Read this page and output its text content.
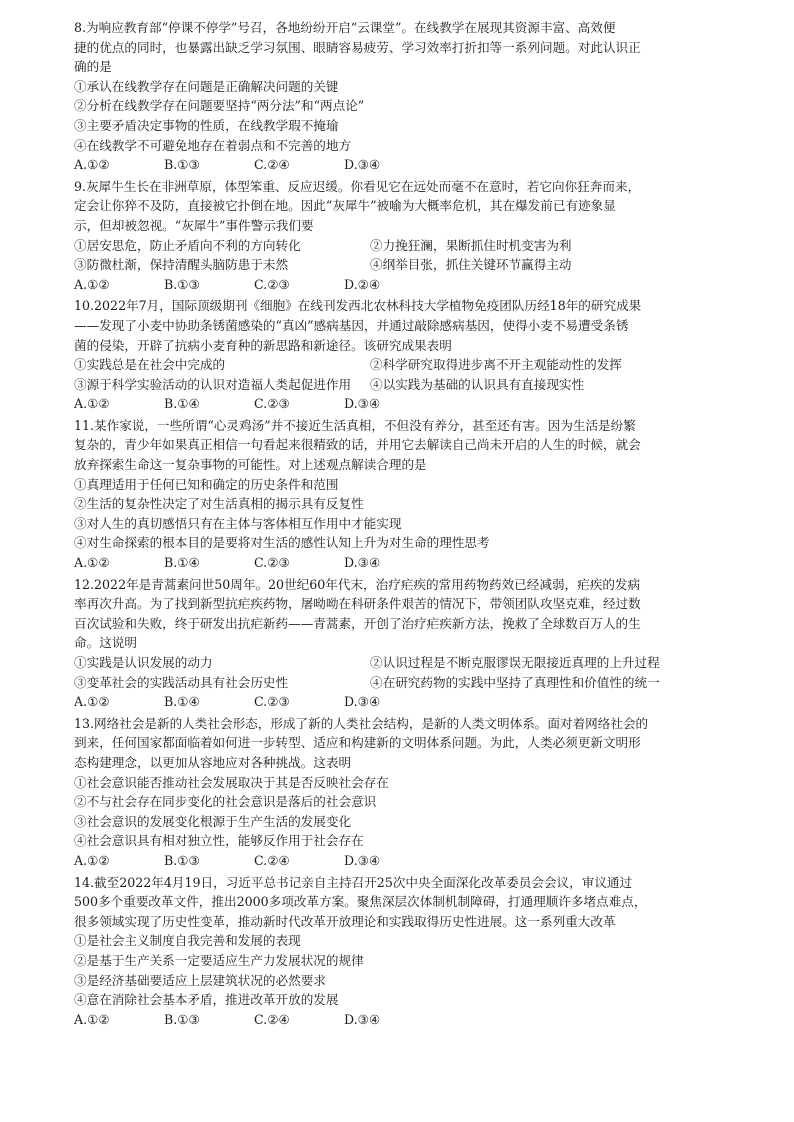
8.为响应教育部“停课不停学”号召，各地纷纷开启“云课堂”。在线教学在展现其资源丰富、高效便
捷的优点的同时，也暴露出缺乏学习氛围、眼睛容易疲劳、学习效率打折扣等一系列问题。对此认识正
确的是
①承认在线教学存在问题是正确解决问题的关键
②分析在线教学存在问题要坚持“两分法”和“两点论”
③主要矛盾决定事物的性质，在线教学瑕不掩瑜
④在线教学不可避免地存在着弱点和不完善的地方
A.①②	B.①③	C.②④	D.③④
9.灰犀牛生长在非洲草原，体型笨重、反应迟缓。你看见它在远处而毫不在意时，若它向你狂奔而来，
定会让你猝不及防，直接被它扑倒在地。因此“灰犀牛”被喻为大概率危机，其在爆发前已有迹象显
示，但却被忽视。“灰犀牛”事件警示我们要
①居安思危，防止矛盾向不利的方向转化	②力挽狂澜，果断抓住时机变害为利
③防微杜渐，保持清醒头脑防患于未然	④纲举目张，抓住关键环节赢得主动
A.①②	B.①③	C.②③	D.②④
10.2022年7月，国际顶级期刊《细胞》在线刊发西北农林科技大学植物免疫团队历经18年的研究成果
——发现了小麦中协助条锈菌感染的“真凶”感病基因，并通过敲除感病基因，使得小麦不易遭受条锈
菌的侵染，开辟了抗病小麦育种的新思路和新途径。该研究成果表明
①实践总是在社会中完成的	②科学研究取得进步离不开主观能动性的发挥
③源于科学实验活动的认识对造福人类起促进作用	④以实践为基础的认识具有直接现实性
A.①②	B.①④	C.②③	D.③④
11.某作家说，一些所谓“心灵鸡汤”并不接近生活真相，不但没有养分，甚至还有害。因为生活是纷繁
复杂的，青少年如果真正相信一句看起来很精致的话，并用它去解读自己尚未开启的人生的时候，就会
放弃探索生命这一复杂事物的可能性。对上述观点解读合理的是
①真理适用于任何已知和确定的历史条件和范围
②生活的复杂性决定了对生活真相的揭示具有反复性
③对人生的真切感悟只有在主体与客体相互作用中才能实现
④对生命探索的根本目的是要将对生活的感性认知上升为对生命的理性思考
A.①②	B.①④	C.②③	D.③④
12.2022年是青蒿素问世50周年。20世纪60年代末，治疗疟疾的常用药物药效已经减弱，疟疾的发病
率再次升高。为了找到新型抗疟疾药物，屠呦呦在科研条件艰苦的情况下，带领团队攻坚克难，经过数
百次试验和失败，终于研发出抗疟新药——青蒿素，开创了治疗疟疾新方法，挽救了全球数百万人的生
命。这说明
①实践是认识发展的动力	②认识过程是不断克服谬误无限接近真理的上升过程
③变革社会的实践活动具有社会历史性	④在研究药物的实践中坚持了真理性和价值性的统一
A.①②	B.①④	C.②③	D.③④
13.网络社会是新的人类社会形态，形成了新的人类社会结构，是新的人类文明体系。面对着网络社会的
到来，任何国家都面临着如何进一步转型、适应和构建新的文明体系问题。为此，人类必须更新文明形
态构建理念，以更加从容地应对各种挑战。这表明
①社会意识能否推动社会发展取决于其是否反映社会存在
②不与社会存在同步变化的社会意识是落后的社会意识
③社会意识的发展变化根源于生产生活的发展变化
④社会意识具有相对独立性，能够反作用于社会存在
A.①②	B.①③	C.②④	D.③④
14.截至2022年4月19日，习近平总书记亲自主持召开25次中央全面深化改革委员会会议，审议通过
500多个重要改革文件，推出2000多项改革方案。聚焦深层次体制机制障碍，打通理顺许多堵点难点，
很多领域实现了历史性变革，推动新时代改革开放理论和实践取得历史性进展。这一系列重大改革
①是社会主义制度自我完善和发展的表现
②是基于生产关系一定要适应生产力发展状况的规律
③是经济基础要适应上层建筑状况的必然要求
④意在消除社会基本矛盾，推进改革开放的发展
A.①②	B.①③	C.②④	D.③④
